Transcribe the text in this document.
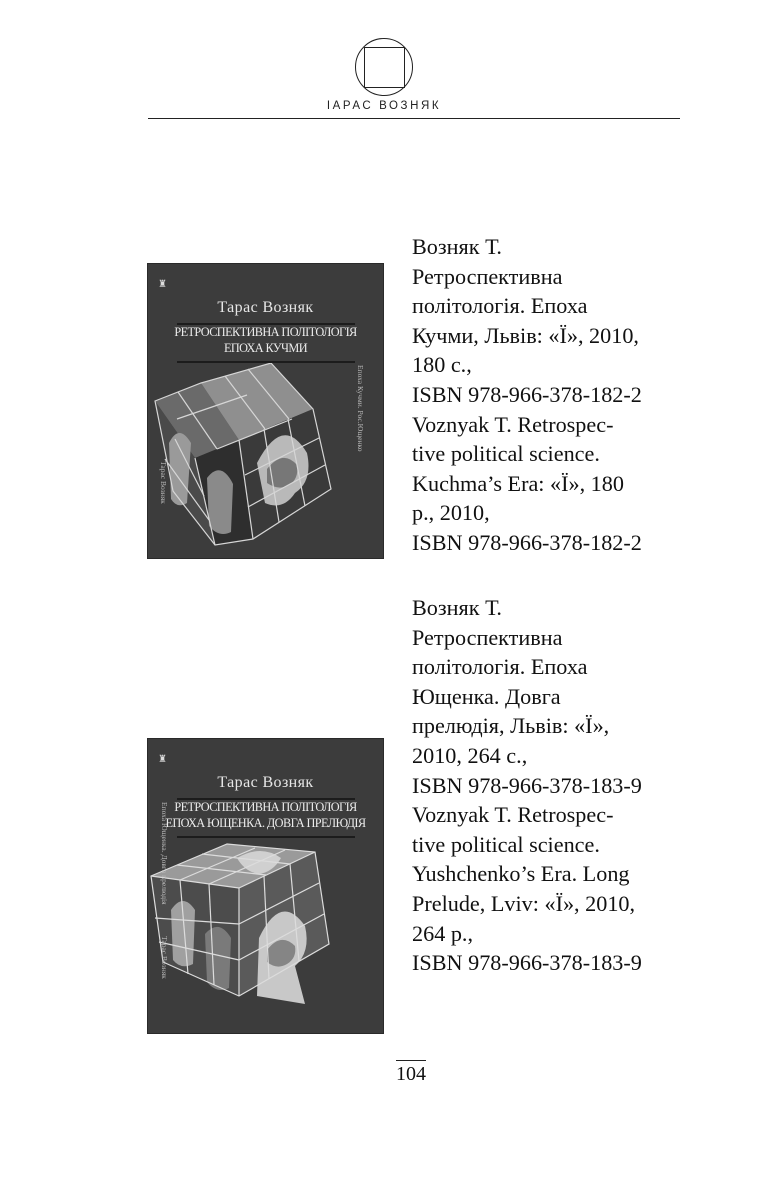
ІАРАС ВОЗНЯК
♜
Тарас Возняк
РЕТРОСПЕКТИВНА ПОЛІТОЛОГІЯ
ЕПОХА КУЧМИ
Епоха Кучми. Рос.Ющенко
Тарас Возняк
Возняк Т.
Ретроспективна
політологія. Епоха
Кучми, Львів: «Ї», 2010,
180 с.,
ISBN 978-966-378-182-2
Voznyak T. Retrospec-
tive political science.
Kuchma’s Era: «Ї», 180
p., 2010,
ISBN 978-966-378-182-2
♜
Тарас Возняк
РЕТРОСПЕКТИВНА ПОЛІТОЛОГІЯ
ЕПОХА ЮЩЕНКА. ДОВГА ПРЕЛЮДІЯ
Епоха Ющенка. Довга прелюдія
Тарас Возняк
Возняк Т.
Ретроспективна
політологія. Епоха
Ющенка. Довга
прелюдія, Львів: «Ї»,
2010, 264 с.,
ISBN 978-966-378-183-9
Voznyak T. Retrospec-
tive political science.
Yushchenko’s Era. Long
Prelude, Lviv: «Ї», 2010,
264 p.,
ISBN 978-966-378-183-9
104
